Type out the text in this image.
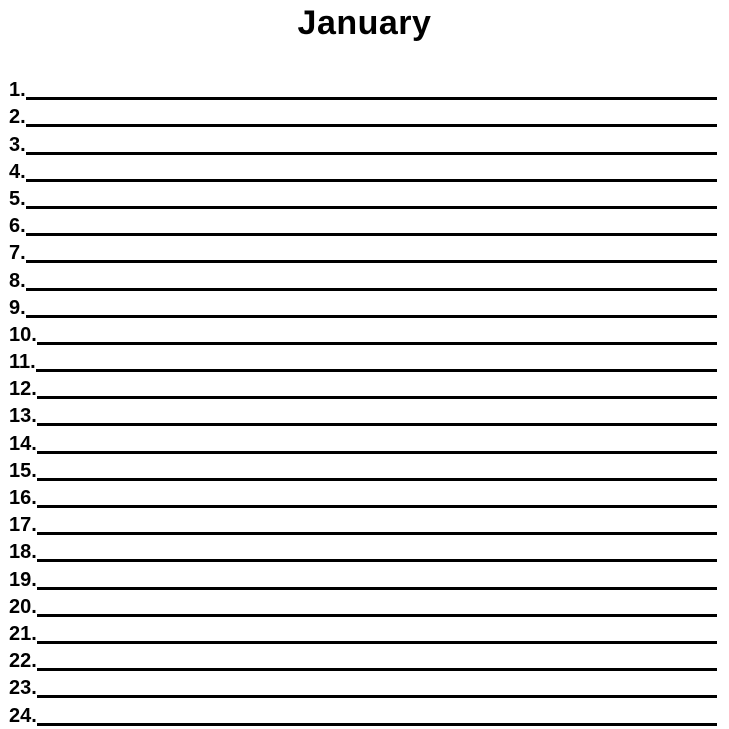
January
1.
2.
3.
4.
5.
6.
7.
8.
9.
10.
11.
12.
13.
14.
15.
16.
17.
18.
19.
20.
21.
22.
23.
24.
